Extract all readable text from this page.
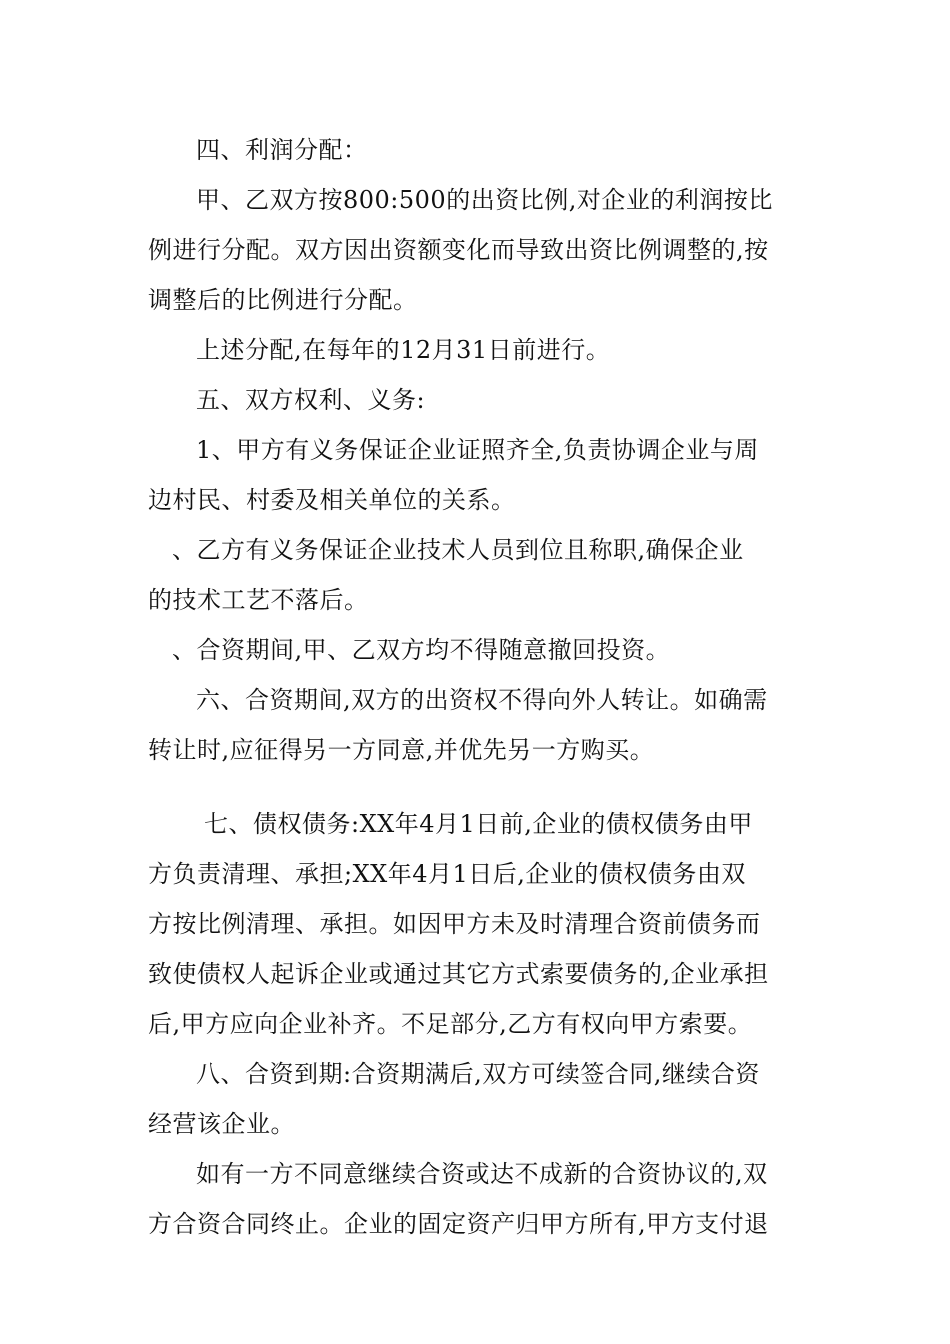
四、利润分配：
甲、乙双方按800:500的出资比例,对企业的利润按比
例进行分配。双方因出资额变化而导致出资比例调整的,按
调整后的比例进行分配。
上述分配,在每年的12月31日前进行。
五、双方权利、义务:
1、甲方有义务保证企业证照齐全,负责协调企业与周
边村民、村委及相关单位的关系。
、乙方有义务保证企业技术人员到位且称职,确保企业
的技术工艺不落后。
、合资期间,甲、乙双方均不得随意撤回投资。
六、合资期间,双方的出资权不得向外人转让。如确需
转让时,应征得另一方同意,并优先另一方购买。
七、债权债务:XX年4月1日前,企业的债权债务由甲
方负责清理、承担;XX年4月1日后,企业的债权债务由双
方按比例清理、承担。如因甲方未及时清理合资前债务而
致使债权人起诉企业或通过其它方式索要债务的,企业承担
后,甲方应向企业补齐。不足部分,乙方有权向甲方索要。
八、合资到期:合资期满后,双方可续签合同,继续合资
经营该企业。
如有一方不同意继续合资或达不成新的合资协议的,双
方合资合同终止。企业的固定资产归甲方所有,甲方支付退
